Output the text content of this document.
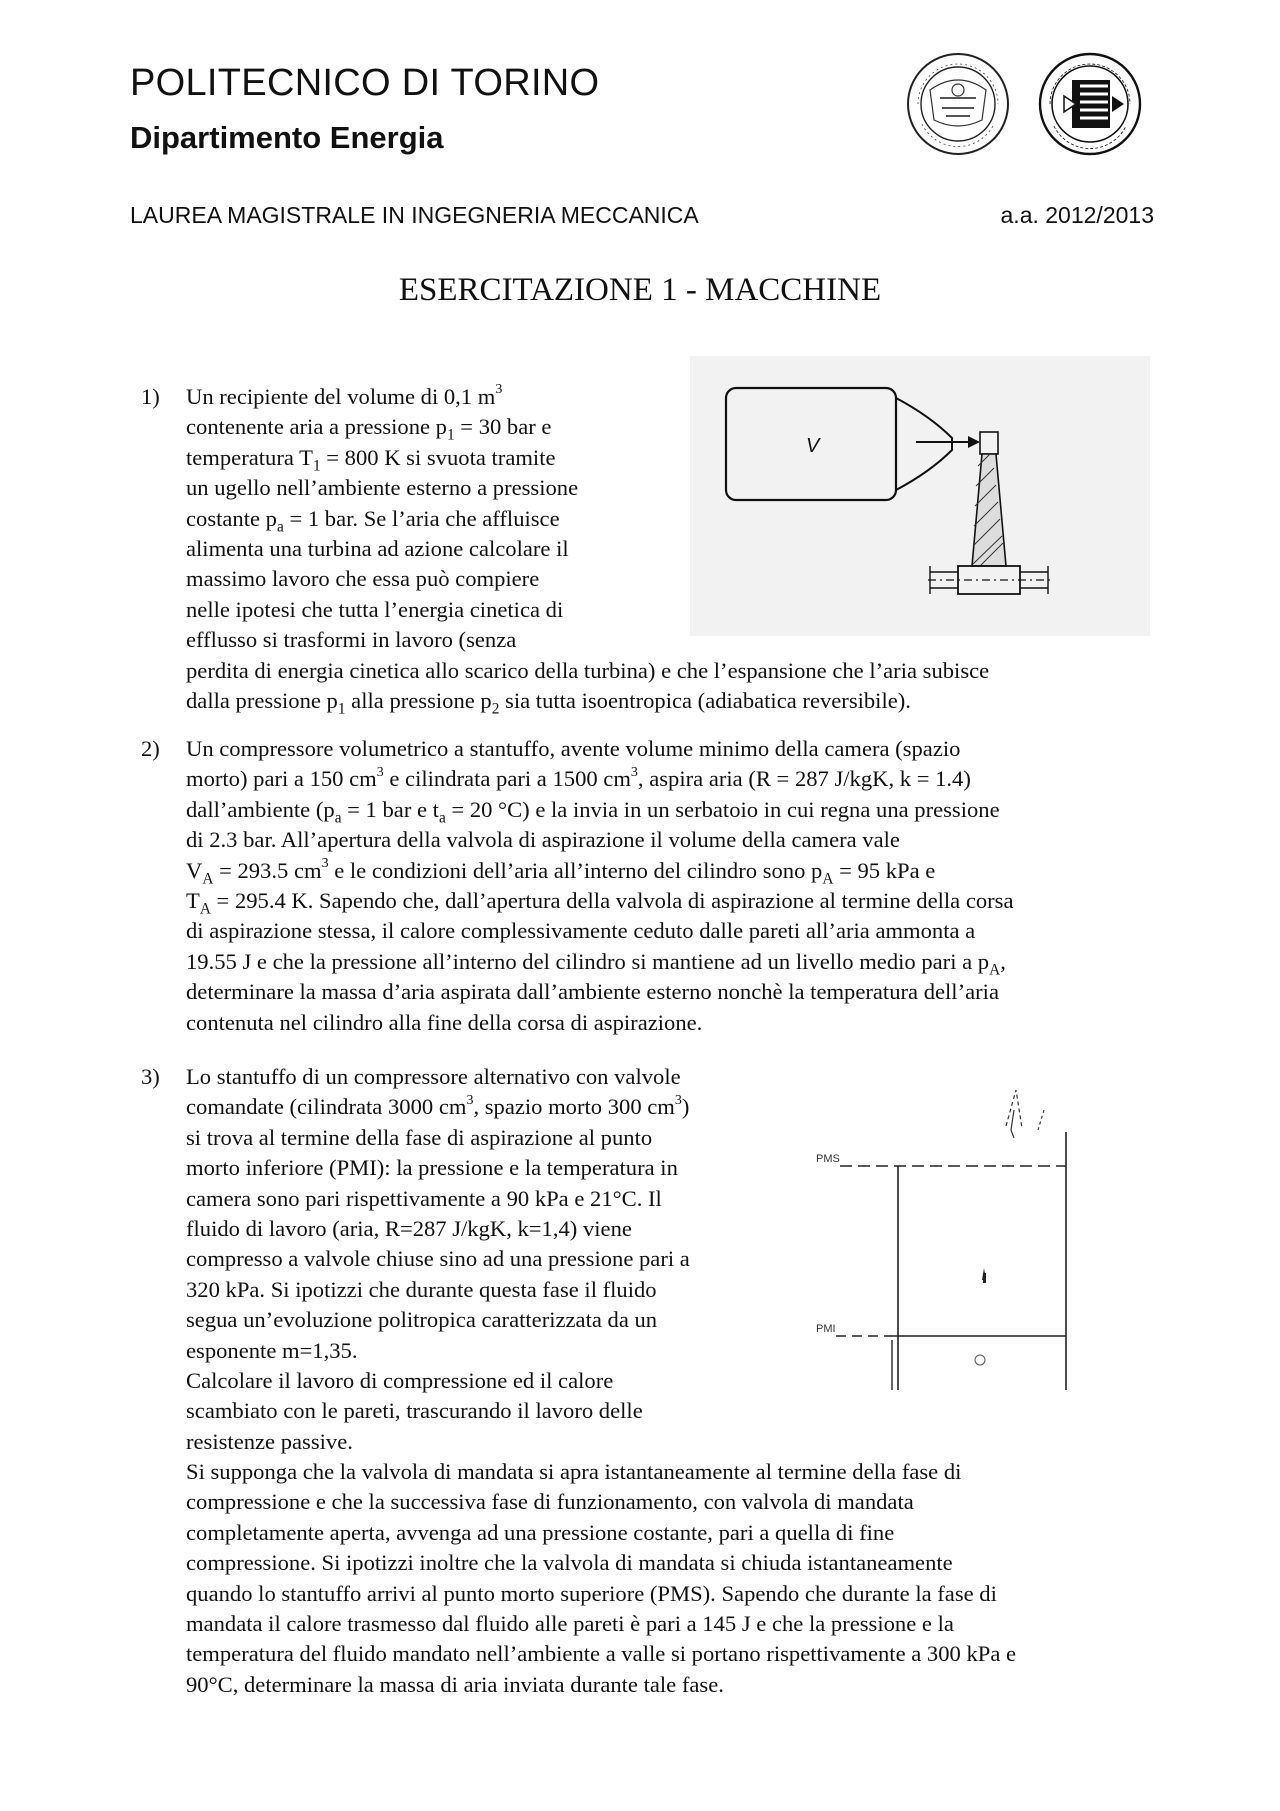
POLITECNICO DI TORINO
Dipartimento Energia
LAUREA MAGISTRALE IN INGEGNERIA MECCANICA	a.a. 2012/2013
ESERCITAZIONE 1 - MACCHINE
1) Un recipiente del volume di 0,1 $m^3$
contenente aria a pressione $p_1 = 30$ bar e
temperatura $T_1 = 800$ K si svuota tramite
un ugello nell’ambiente esterno a pressione
costante $p_a = 1$ bar. Se l’aria che affluisce
alimenta una turbina ad azione calcolare il
massimo lavoro che essa può compiere
nelle ipotesi che tutta l’energia cinetica di
efflusso si trasformi in lavoro (senza
perdita di energia cinetica allo scarico della turbina) e che l’espansione che l’aria subisce
dalla pressione $p_1$ alla pressione $p_2$ sia tutta isoentropica (adiabatica reversibile).
V
2) Un compressore volumetrico a stantuffo, avente volume minimo della camera (spazio
morto) pari a 150 $cm^3$ e cilindrata pari a 1500 $cm^3$, aspira aria (R = 287 J/kgK, k = 1.4)
dall’ambiente ($p_a = 1$ bar e $t_a = 20$ °C) e la invia in un serbatoio in cui regna una pressione
di 2.3 bar. All’apertura della valvola di aspirazione il volume della camera vale
$V_A = 293.5$ $cm^3$ e le condizioni dell’aria all’interno del cilindro sono $p_A = 95$ kPa e
$T_A = 295.4$ K. Sapendo che, dall’apertura della valvola di aspirazione al termine della corsa
di aspirazione stessa, il calore complessivamente ceduto dalle pareti all’aria ammonta a
19.55 J e che la pressione all’interno del cilindro si mantiene ad un livello medio pari a $p_A$,
determinare la massa d’aria aspirata dall’ambiente esterno nonchè la temperatura dell’aria
contenuta nel cilindro alla fine della corsa di aspirazione.
3) Lo stantuffo di un compressore alternativo con valvole
comandate (cilindrata 3000 $cm^3$, spazio morto 300 $cm^3$)
si trova al termine della fase di aspirazione al punto
morto inferiore (PMI): la pressione e la temperatura in
camera sono pari rispettivamente a 90 kPa e 21°C. Il
fluido di lavoro (aria, R=287 J/kgK, k=1,4) viene
compresso a valvole chiuse sino ad una pressione pari a
320 kPa. Si ipotizzi che durante questa fase il fluido
segua un’evoluzione politropica caratterizzata da un
esponente m=1,35.
Calcolare il lavoro di compressione ed il calore
scambiato con le pareti, trascurando il lavoro delle
resistenze passive.
Si supponga che la valvola di mandata si apra istantaneamente al termine della fase di
compressione e che la successiva fase di funzionamento, con valvola di mandata
completamente aperta, avvenga ad una pressione costante, pari a quella di fine
compressione. Si ipotizzi inoltre che la valvola di mandata si chiuda istantaneamente
quando lo stantuffo arrivi al punto morto superiore (PMS). Sapendo che durante la fase di
mandata il calore trasmesso dal fluido alle pareti è pari a 145 J e che la pressione e la
temperatura del fluido mandato nell’ambiente a valle si portano rispettivamente a 300 kPa e
90°C, determinare la massa di aria inviata durante tale fase.
PMS
PMI
